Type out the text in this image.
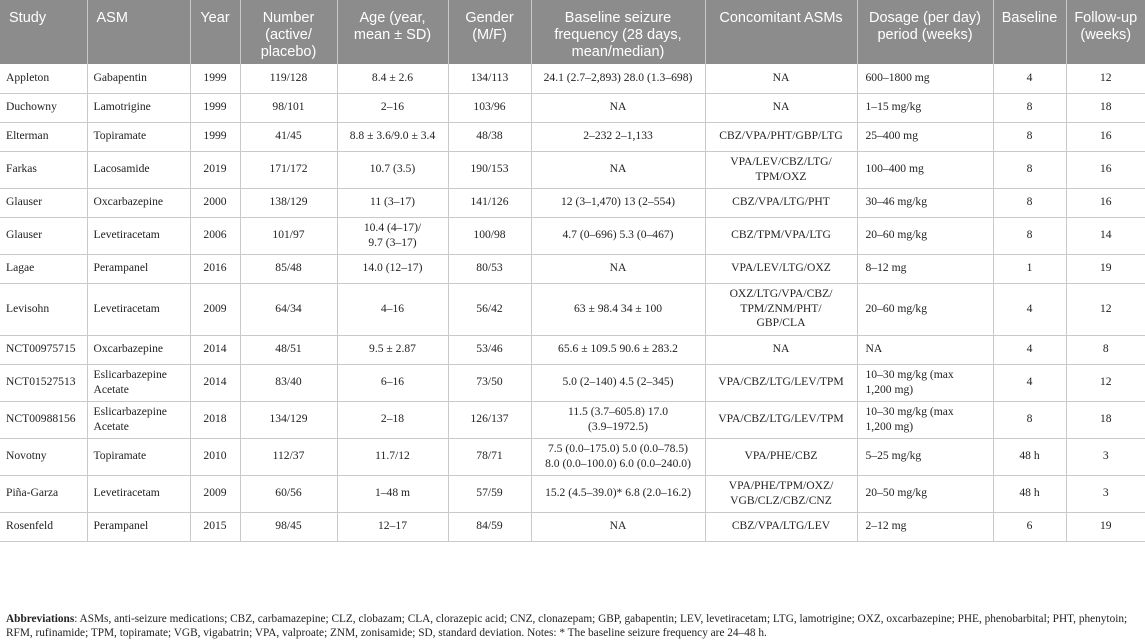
Study	ASM	Year	Number (active/ placebo)	Age (year, mean ± SD)	Gender (M/F)	Baseline seizure frequency (28 days, mean/median)	Concomitant ASMs	Dosage (per day) period (weeks)	Baseline	Follow-up (weeks)
Appleton	Gabapentin	1999	119/128	8.4 ± 2.6	134/113	24.1 (2.7–2,893) 28.0 (1.3–698)	NA	600–1800 mg	4	12
Duchowny	Lamotrigine	1999	98/101	2–16	103/96	NA	NA	1–15 mg/kg	8	18
Elterman	Topiramate	1999	41/45	8.8 ± 3.6/9.0 ± 3.4	48/38	2–232 2–1,133	CBZ/VPA/PHT/GBP/LTG	25–400 mg	8	16
Farkas	Lacosamide	2019	171/172	10.7 (3.5)	190/153	NA	VPA/LEV/CBZ/LTG/
TPM/OXZ	100–400 mg	8	16
Glauser	Oxcarbazepine	2000	138/129	11 (3–17)	141/126	12 (3–1,470) 13 (2–554)	CBZ/VPA/LTG/PHT	30–46 mg/kg	8	16
Glauser	Levetiracetam	2006	101/97	10.4 (4–17)/
9.7 (3–17)	100/98	4.7 (0–696) 5.3 (0–467)	CBZ/TPM/VPA/LTG	20–60 mg/kg	8	14
Lagae	Perampanel	2016	85/48	14.0 (12–17)	80/53	NA	VPA/LEV/LTG/OXZ	8–12 mg	1	19
Levisohn	Levetiracetam	2009	64/34	4–16	56/42	63 ± 98.4 34 ± 100	OXZ/LTG/VPA/CBZ/
TPM/ZNM/PHT/
GBP/CLA	20–60 mg/kg	4	12
NCT00975715	Oxcarbazepine	2014	48/51	9.5 ± 2.87	53/46	65.6 ± 109.5 90.6 ± 283.2	NA	NA	4	8
NCT01527513	Eslicarbazepine
Acetate	2014	83/40	6–16	73/50	5.0 (2–140) 4.5 (2–345)	VPA/CBZ/LTG/LEV/TPM	10–30 mg/kg (max
1,200 mg)	4	12
NCT00988156	Eslicarbazepine
Acetate	2018	134/129	2–18	126/137	11.5 (3.7–605.8) 17.0
(3.9–1972.5)	VPA/CBZ/LTG/LEV/TPM	10–30 mg/kg (max
1,200 mg)	8	18
Novotny	Topiramate	2010	112/37	11.7/12	78/71	7.5 (0.0–175.0) 5.0 (0.0–78.5)
8.0 (0.0–100.0) 6.0 (0.0–240.0)	VPA/PHE/CBZ	5–25 mg/kg	48 h	3
Piña-Garza	Levetiracetam	2009	60/56	1–48 m	57/59	15.2 (4.5–39.0)* 6.8 (2.0–16.2)	VPA/PHE/TPM/OXZ/
VGB/CLZ/CBZ/CNZ	20–50 mg/kg	48 h	3
Rosenfeld	Perampanel	2015	98/45	12–17	84/59	NA	CBZ/VPA/LTG/LEV	2–12 mg	6	19
Abbreviations: ASMs, anti-seizure medications; CBZ, carbamazepine; CLZ, clobazam; CLA, clorazepic acid; CNZ, clonazepam; GBP, gabapentin; LEV, levetiracetam; LTG, lamotrigine; OXZ, oxcarbazepine; PHE, phenobarbital; PHT, phenytoin; RFM, rufinamide; TPM, topiramate; VGB, vigabatrin; VPA, valproate; ZNM, zonisamide; SD, standard deviation. Notes: * The baseline seizure frequency are 24–48 h.
